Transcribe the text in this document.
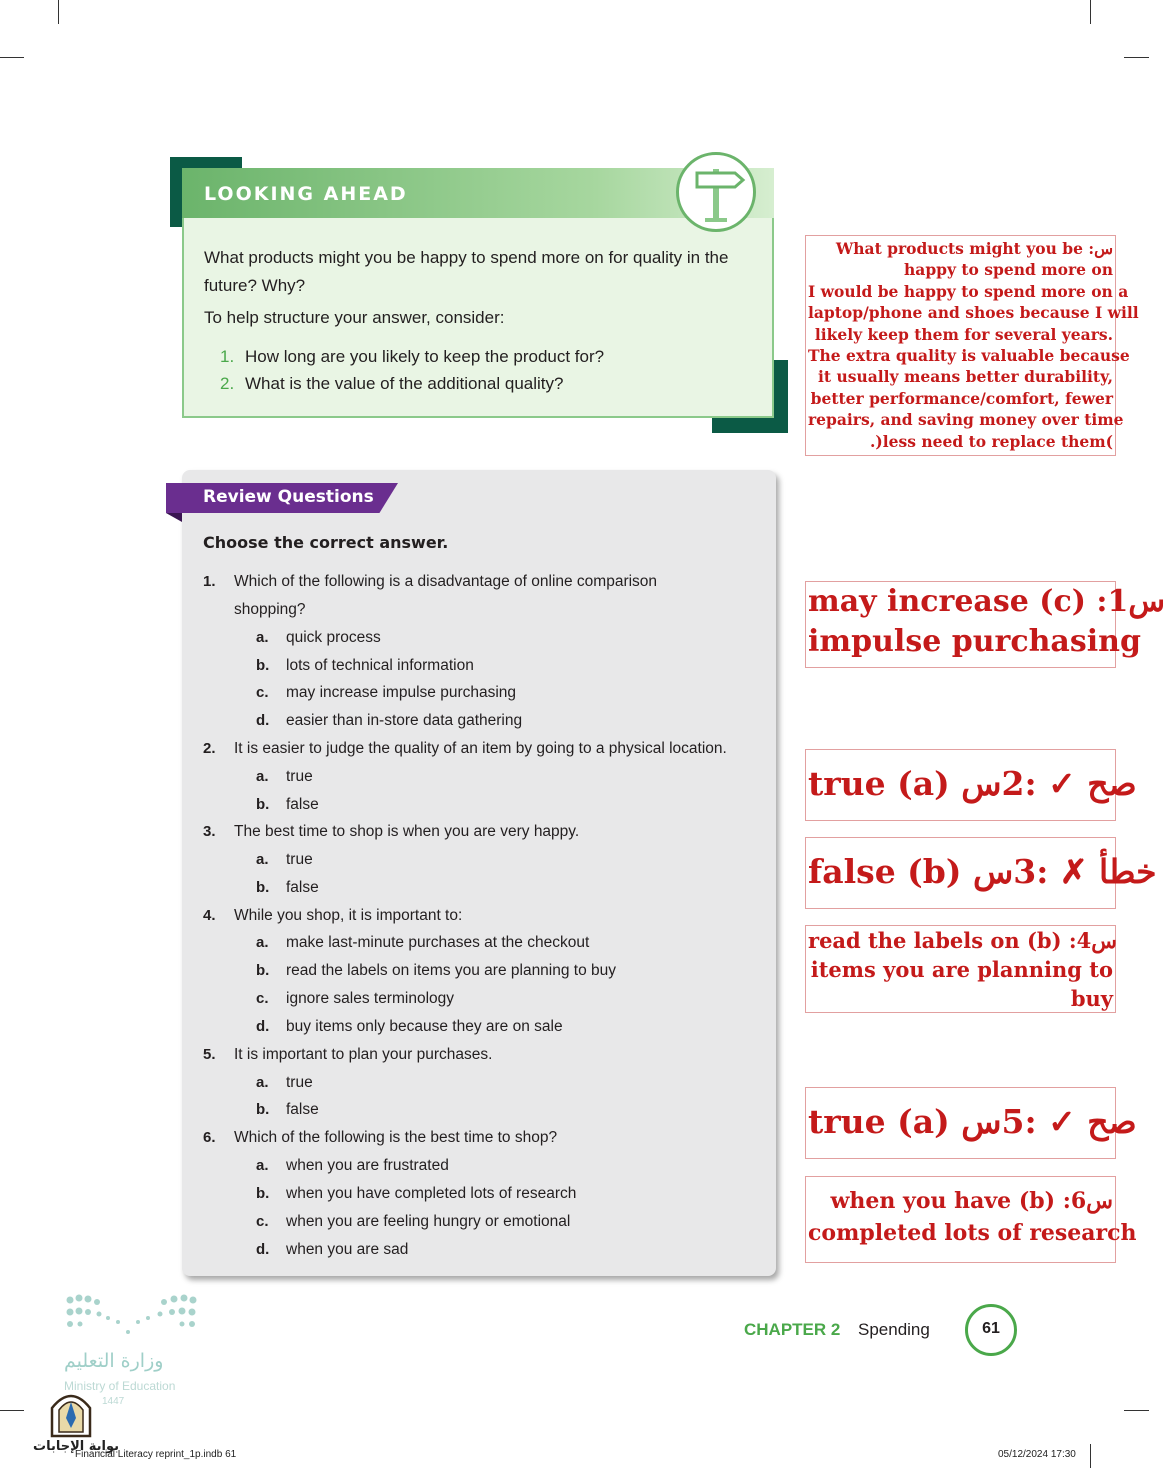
LOOKING AHEAD
What products might you be happy to spend more on for quality in the future? Why?
To help structure your answer, consider:
1. How long are you likely to keep the product for?
2. What is the value of the additional quality?
What products might you be :س
happy to spend more on
I would be happy to spend more on a
laptop/phone and shoes because I will
likely keep them for several years.
The extra quality is valuable because
it usually means better durability,
better performance/comfort, fewer
repairs, and saving money over time
.)less need to replace them(
may increase (c) :1س
impulse purchasing
true (a) صح ✓ :2س
false (b) خطأ ✗ :3س
read the labels on (b) :4س
items you are planning to
buy
true (a) صح ✓ :5س
when you have (b) :6س
completed lots of research
Review Questions
Choose the correct answer.
1. Which of the following is a disadvantage of online comparison
shopping?
a. quick process
b. lots of technical information
c. may increase impulse purchasing
d. easier than in-store data gathering
2. It is easier to judge the quality of an item by going to a physical location.
a. true
b. false
3. The best time to shop is when you are very happy.
a. true
b. false
4. While you shop, it is important to:
a. make last-minute purchases at the checkout
b. read the labels on items you are planning to buy
c. ignore sales terminology
d. buy items only because they are on sale
5. It is important to plan your purchases.
a. true
b. false
6. Which of the following is the best time to shop?
a. when you are frustrated
b. when you have completed lots of research
c. when you are feeling hungry or emotional
d. when you are sad
CHAPTER 2 Spending	61
وزارة التعليم
Ministry of Education
1447
بوابة الإجابات
Financial Literacy reprint_1p.indb 61	05/12/2024 17:30
